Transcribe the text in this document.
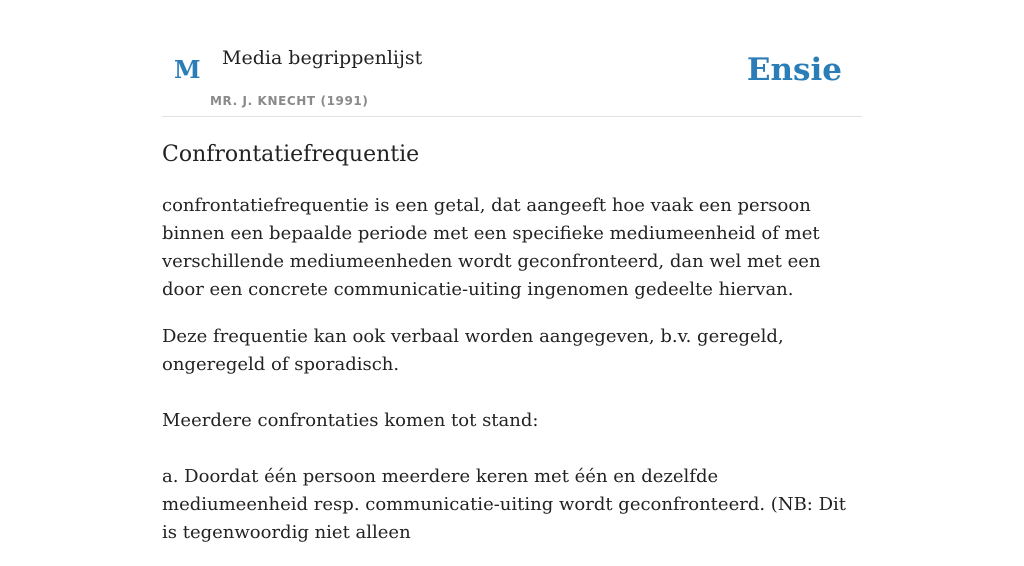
M Media begrippenlijst
MR. J. KNECHT (1991)
Ensie
Confrontatiefrequentie

confrontatiefrequentie is een getal, dat aangeeft hoe vaak een persoon binnen een bepaalde periode met een specifieke mediumeenheid of met verschillende mediumeenheden wordt geconfronteerd, dan wel met een door een concrete communicatie-uiting ingenomen gedeelte hiervan.

Deze frequentie kan ook verbaal worden aangegeven, b.v. geregeld, ongeregeld of sporadisch.

Meerdere confrontaties komen tot stand:

a. Doordat één persoon meerdere keren met één en dezelfde mediumeenheid resp. communicatie-uiting wordt geconfronteerd. (NB: Dit is tegenwoordig niet alleen
